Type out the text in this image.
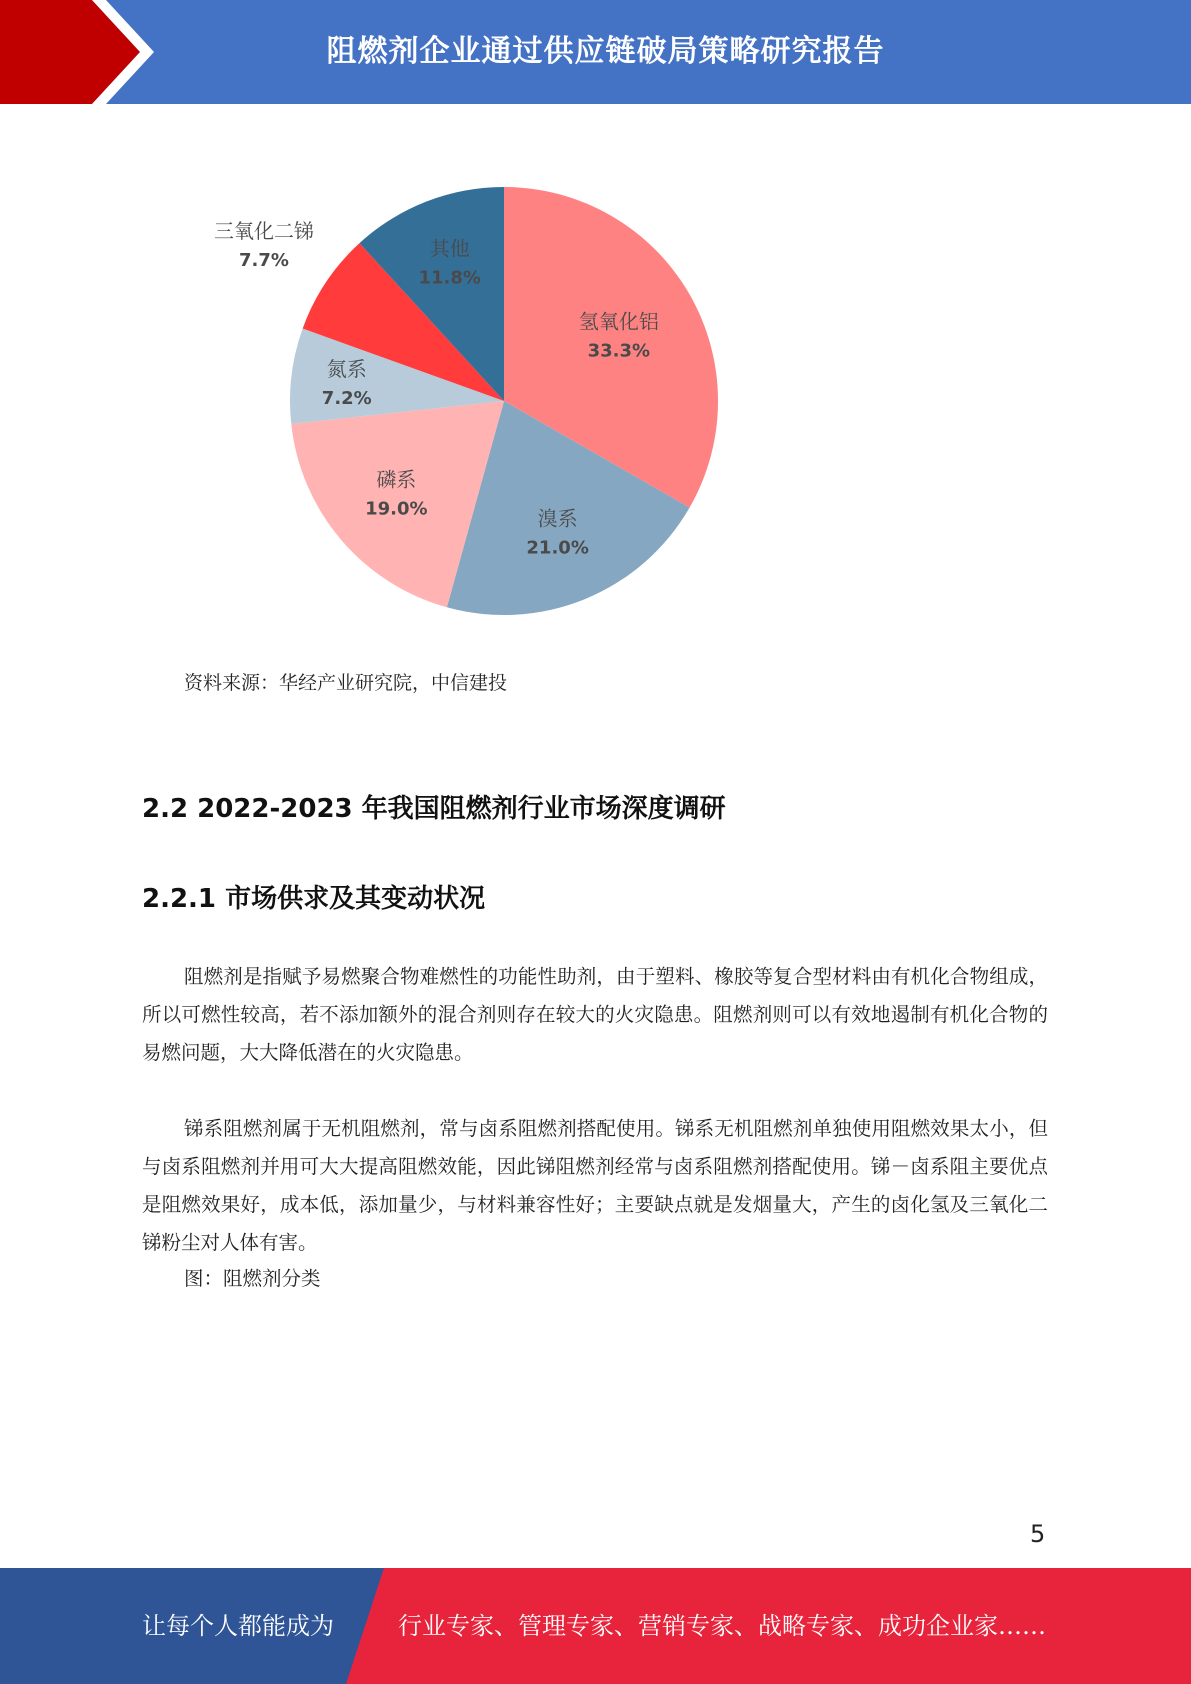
阻燃剂企业通过供应链破局策略研究报告
氢氧化铝
33.3%
溴系
21.0%
磷系
19.0%
氮系
7.2%
三氧化二锑
7.7%
其他
11.8%
资料来源：华经产业研究院，中信建投
2.2 2022-2023 年我国阻燃剂行业市场深度调研
2.2.1 市场供求及其变动状况

阻燃剂是指赋予易燃聚合物难燃性的功能性助剂，由于塑料、橡胶等复合型材料由有机化合物组成，所以可燃性较高，若不添加额外的混合剂则存在较大的火灾隐患。阻燃剂则可以有效地遏制有机化合物的易燃问题，大大降低潜在的火灾隐患。

锑系阻燃剂属于无机阻燃剂，常与卤系阻燃剂搭配使用。锑系无机阻燃剂单独使用阻燃效果太小，但与卤系阻燃剂并用可大大提高阻燃效能，因此锑阻燃剂经常与卤系阻燃剂搭配使用。锑－卤系阻主要优点是阻燃效果好，成本低，添加量少，与材料兼容性好；主要缺点就是发烟量大，产生的卤化氢及三氧化二锑粉尘对人体有害。

图：阻燃剂分类
5
让每个人都能成为	行业专家、管理专家、营销专家、战略专家、成功企业家……
